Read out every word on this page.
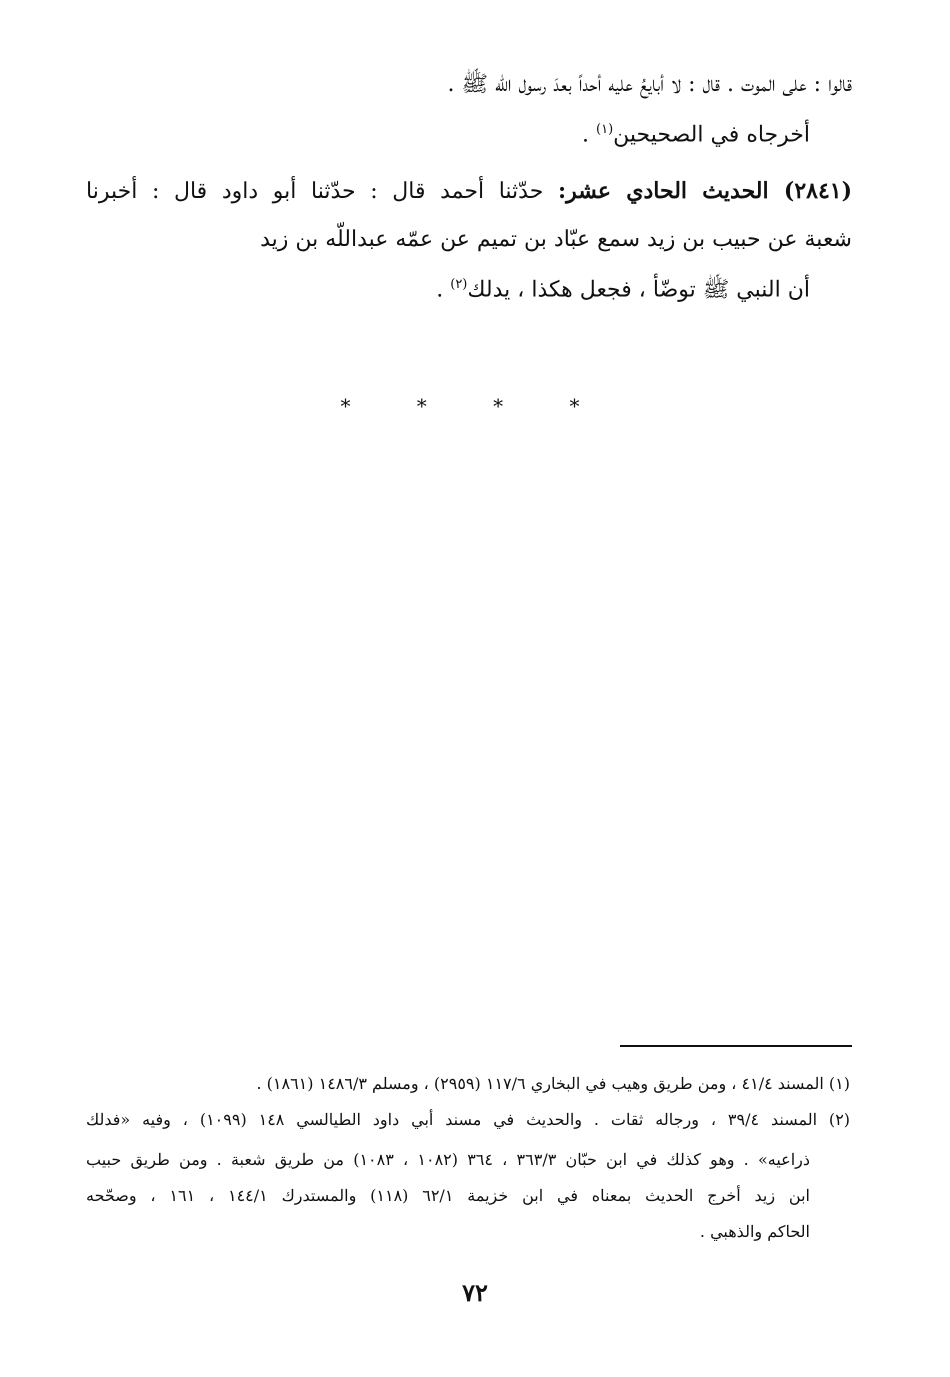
قالوا : على الموت . قال : لا أبايعُ عليه أحداً بعدَ رسول اللّه ﷺ .
أخرجاه في الصحيحين$^{(١)}$ .
(٢٨٤١) الحديث الحادي عشر: حدّثنا أحمد قال : حدّثنا أبو داود قال : أخبرنا
شعبة عن حبيب بن زيد سمع عبّاد بن تميم عن عمّه عبداللّه بن زيد
أن النبي ﷺ توضّأ ، فجعل هكذا ، يدلك$^{(٢)}$ .
* * * *
(١) المسند ٤١/٤ ، ومن طريق وهيب في البخاري ١١٧/٦ (٢٩٥٩) ، ومسلم ١٤٨٦/٣ (١٨٦١) .
(٢) المسند ٣٩/٤ ، ورجاله ثقات . والحديث في مسند أبي داود الطيالسي ١٤٨ (١٠٩٩) ، وفيه «فدلك
ذراعيه» . وهو كذلك في ابن حبّان ٣٦٣/٣ ، ٣٦٤ (١٠٨٢ ، ١٠٨٣) من طريق شعبة . ومن طريق حبيب
ابن زيد أخرج الحديث بمعناه في ابن خزيمة ٦٢/١ (١١٨) والمستدرك ١٤٤/١ ، ١٦١ ، وصحّحه
الحاكم والذهبي .
٧٢
